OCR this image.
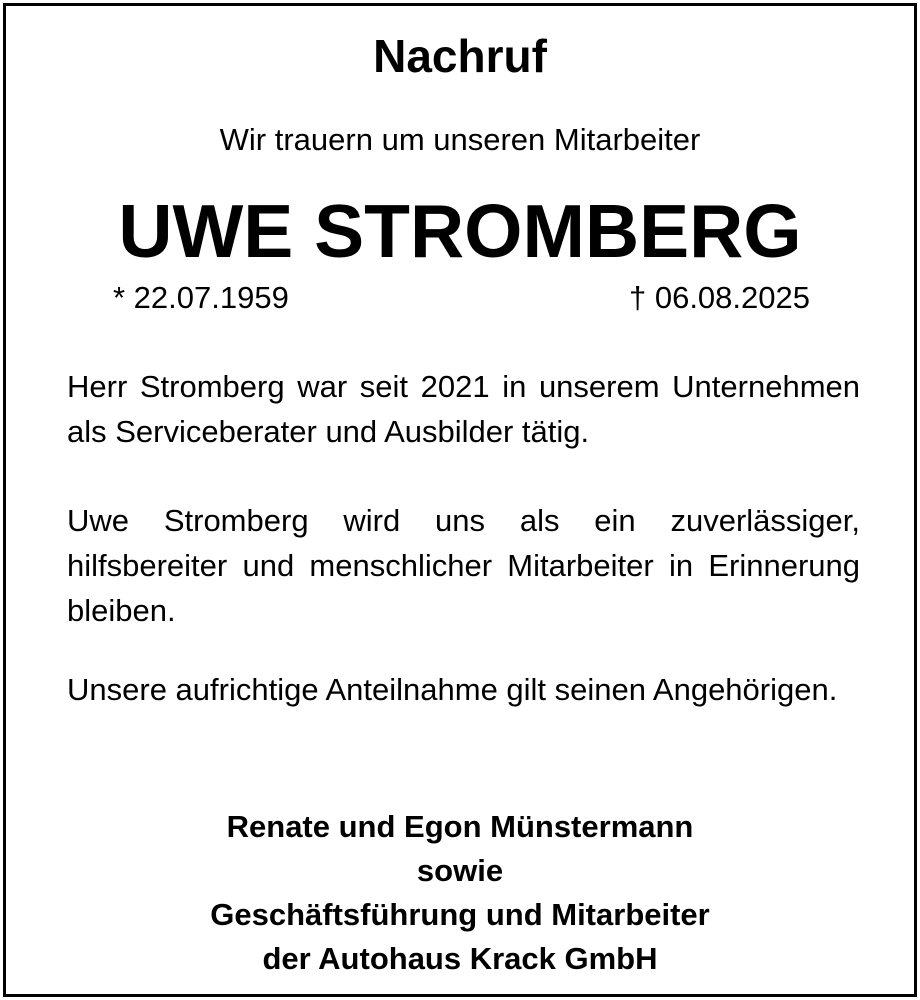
Nachruf
Wir trauern um unseren Mitarbeiter
UWE STROMBERG
* 22.07.1959	† 06.08.2025
Herr Stromberg war seit 2021 in unserem Unternehmen als Serviceberater und Ausbilder tätig.
Uwe Stromberg wird uns als ein zuverlässiger, hilfsbereiter und menschlicher Mitarbeiter in Erinnerung bleiben.
Unsere aufrichtige Anteilnahme gilt seinen Angehörigen.
Renate und Egon Münstermann
sowie
Geschäftsführung und Mitarbeiter
der Autohaus Krack GmbH
